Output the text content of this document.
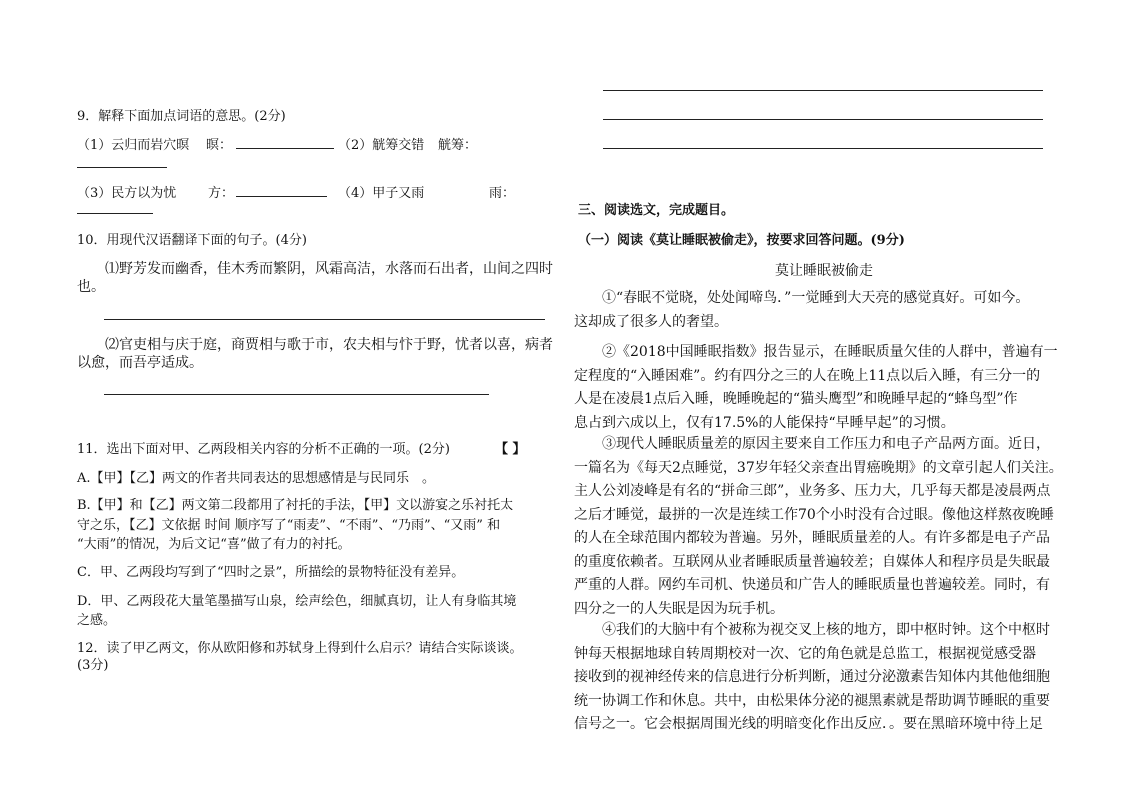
9．解释下面加点词语的意思。(2分)
（1）云归而岩穴暝 暝：	（2）觥筹交错 觥筹：
（3）民方以为忧 方：	（4）甲子又雨	雨：
10．用现代汉语翻译下面的句子。(4分)
⑴野芳发而幽香，佳木秀而繁阴，风霜高洁，水落而石出者，山间之四时
也。
⑵官吏相与庆于庭，商贾相与歌于市，农夫相与忭于野，忧者以喜，病者
以愈，而吾亭适成。
11．选出下面对甲、乙两段相关内容的分析不正确的一项。(2分)	【 】
A.【甲】【乙】两文的作者共同表达的思想感情是与民同乐　。
B.【甲】和【乙】两文第二段都用了衬托的手法，【甲】文以游宴之乐衬托太
守之乐，【乙】文依据 时间 顺序写了“雨麦”、“不雨”、“乃雨”、“又雨” 和
“大雨”的情况，为后文记“喜”做了有力的衬托。
C．甲、乙两段均写到了“四时之景”，所描绘的景物特征没有差异。
D．甲、乙两段花大量笔墨描写山泉，绘声绘色，细腻真切，让人有身临其境
之感。
12．读了甲乙两文，你从欧阳修和苏轼身上得到什么启示？请结合实际谈谈。
(3分)
三、阅读选文，完成题目。
（一）阅读《莫让睡眠被偷走》，按要求回答问题。(9分)
莫让睡眠被偷走
①“春眠不觉晓，处处闻啼鸟．”一觉睡到大天亮的感觉真好。可如今。
这却成了很多人的奢望。
②《2018中国睡眠指数》报告显示，在睡眠质量欠佳的人群中，普遍有一
定程度的“入睡困难”。约有四分之三的人在晚上11点以后入睡，有三分一的
人是在凌晨1点后入睡，晚睡晚起的“猫头鹰型”和晚睡早起的“蜂鸟型”作
息占到六成以上，仅有17.5%的人能保持“早睡早起”的习惯。
③现代人睡眠质量差的原因主要来自工作压力和电子产品两方面。近日，
一篇名为《每天2点睡觉，37岁年轻父亲查出胃癌晚期》的文章引起人们关注。
主人公刘凌峰是有名的“拼命三郎”，业务多、压力大，几乎每天都是凌晨两点
之后才睡觉，最拼的一次是连续工作70个小时没有合过眼。像他这样熬夜晚睡
的人在全球范围内都较为普遍。另外，睡眠质量差的人。有许多都是电子产品
的重度依赖者。互联网从业者睡眠质量普遍较差；自媒体人和程序员是失眠最
严重的人群。网约车司机、快递员和广告人的睡眠质量也普遍较差。同时，有
四分之一的人失眠是因为玩手机。
④我们的大脑中有个被称为视交叉上核的地方，即中枢时钟。这个中枢时
钟每天根据地球自转周期校对一次、它的角色就是总监工，根据视觉感受器
接收到的视神经传来的信息进行分析判断，通过分泌激素告知体内其他他细胞
统一协调工作和休息。共中，由松果体分泌的褪黑素就是帮助调节睡眠的重要
信号之一。它会根据周围光线的明暗变化作出反应．。要在黑暗环境中待上足
